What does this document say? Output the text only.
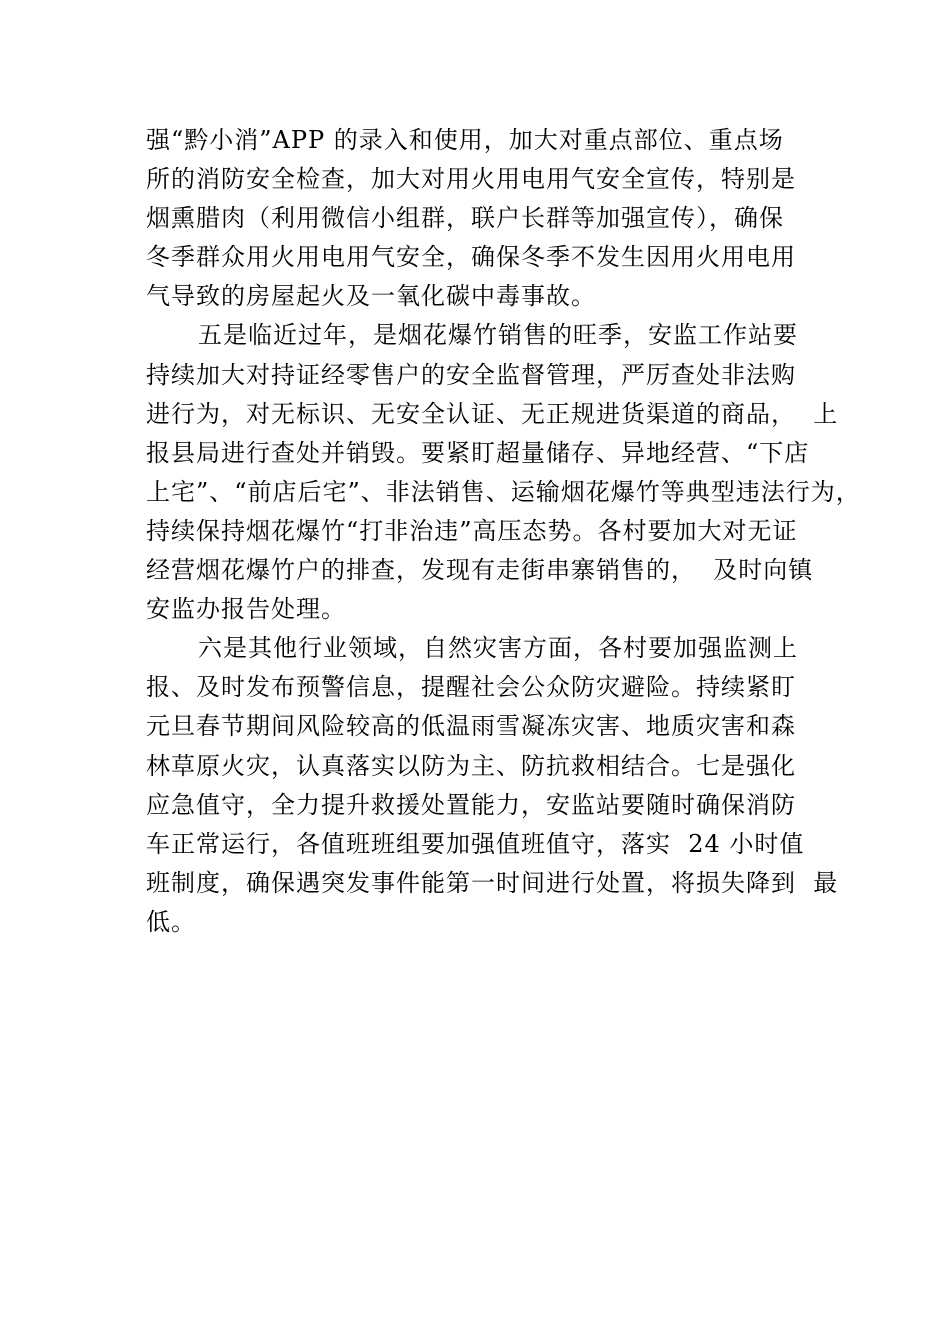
强“黔小消”APP 的录入和使用，加大对重点部位、重点场
所的消防安全检查，加大对用火用电用气安全宣传，特别是
烟熏腊肉（利用微信小组群，联户长群等加强宣传），确保
冬季群众用火用电用气安全，确保冬季不发生因用火用电用
气导致的房屋起火及一氧化碳中毒事故。
五是临近过年，是烟花爆竹销售的旺季，安监工作站要
持续加大对持证经零售户的安全监督管理，严厉查处非法购
进行为，对无标识、无安全认证、无正规进货渠道的商品，  上
报县局进行查处并销毁。要紧盯超量储存、异地经营、“下店
上宅”、“前店后宅”、非法销售、运输烟花爆竹等典型违法行为，
持续保持烟花爆竹“打非治违”高压态势。各村要加大对无证
经营烟花爆竹户的排查，发现有走街串寨销售的，  及时向镇
安监办报告处理。
六是其他行业领域，自然灾害方面，各村要加强监测上
报、及时发布预警信息，提醒社会公众防灾避险。持续紧盯
元旦春节期间风险较高的低温雨雪凝冻灾害、地质灾害和森
林草原火灾，认真落实以防为主、防抗救相结合。七是强化
应急值守，全力提升救援处置能力，安监站要随时确保消防
车正常运行，各值班班组要加强值班值守，落实  24 小时值
班制度，确保遇突发事件能第一时间进行处置，将损失降到  最
低。
